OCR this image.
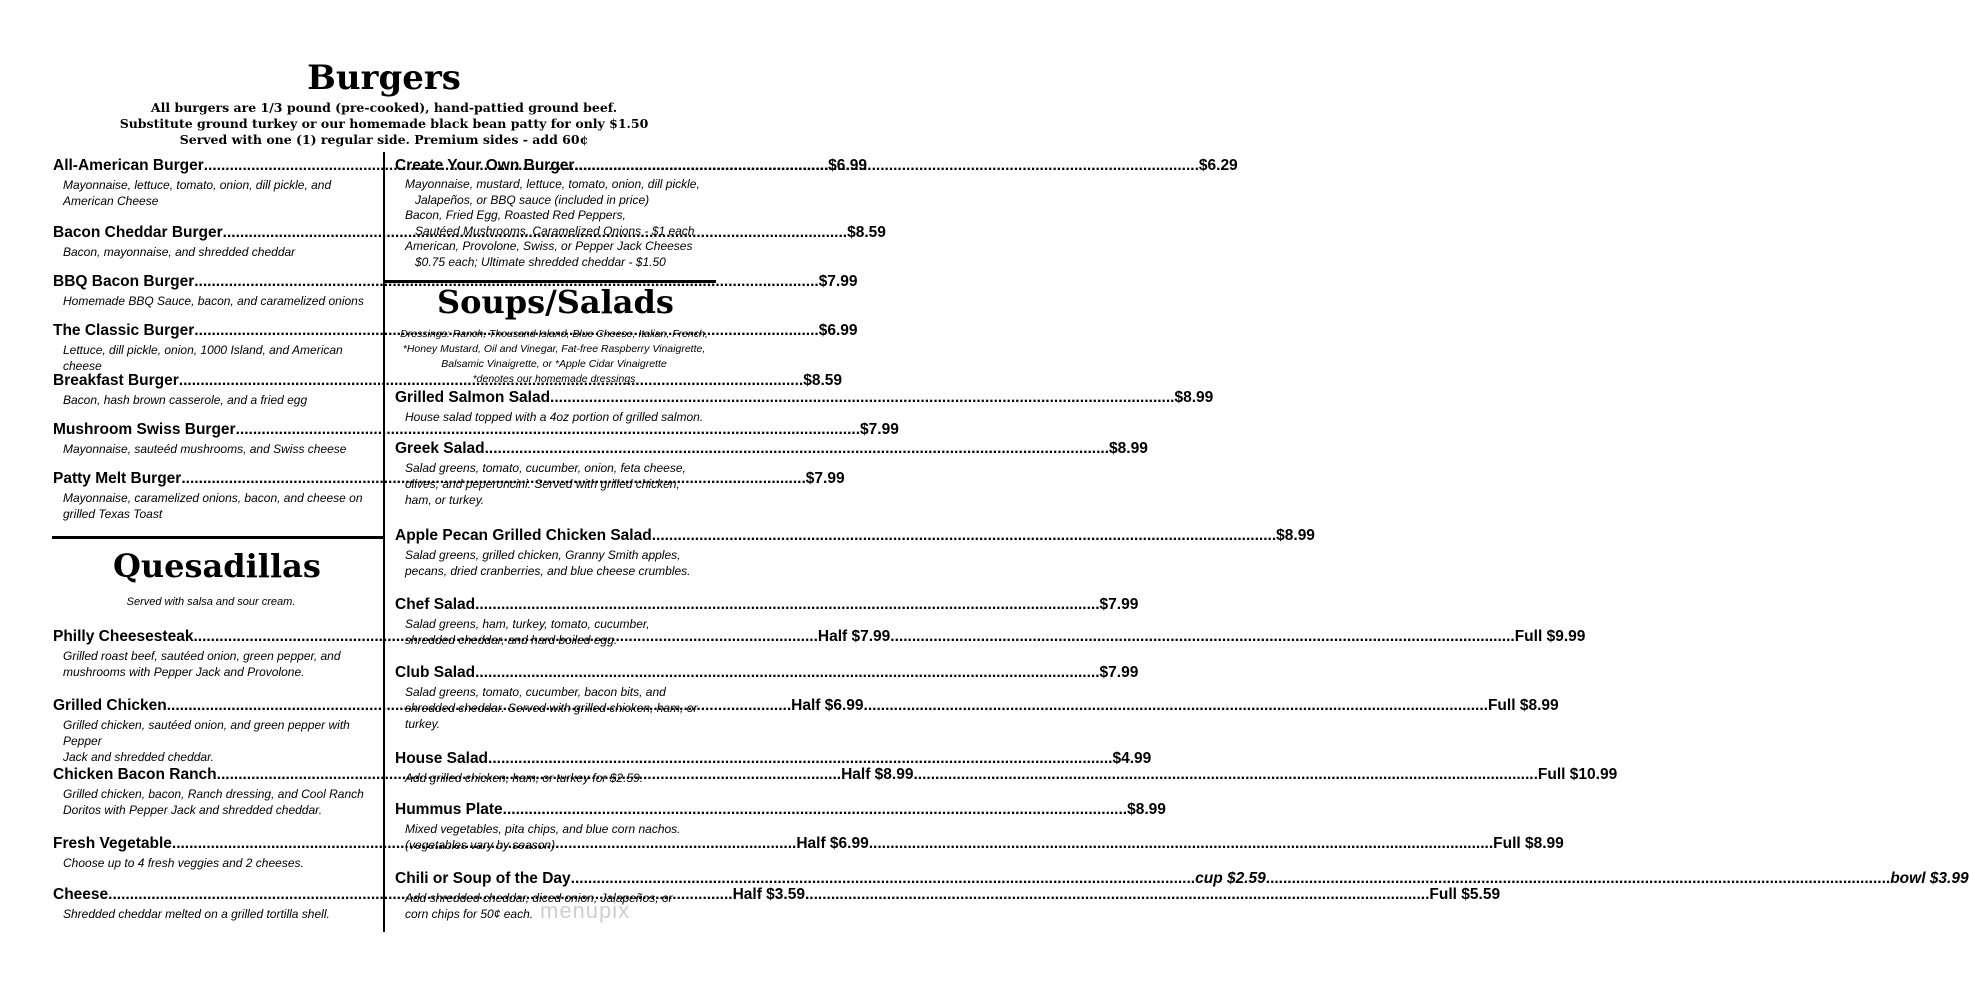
Burgers
All burgers are 1/3 pound (pre-cooked), hand-pattied ground beef.
Substitute ground turkey or our homemade black bean patty for only $1.50
Served with one (1) regular side. Premium sides - add 60¢
All-American Burger .....	$6.99
Mayonnaise, lettuce, tomato, onion, dill pickle, and
American Cheese
Bacon Cheddar Burger .....	$8.59
Bacon, mayonnaise, and shredded cheddar
BBQ Bacon Burger .....	$7.99
Homemade BBQ Sauce, bacon, and caramelized onions
The Classic Burger .....	$6.99
Lettuce, dill pickle, onion, 1000 Island, and American cheese
Breakfast Burger .....	$8.59
Bacon, hash brown casserole, and a fried egg
Mushroom Swiss Burger .....	$7.99
Mayonnaise, sauteéd mushrooms, and Swiss cheese
Patty Melt Burger .....	$7.99
Mayonnaise, caramelized onions, bacon, and cheese on
grilled Texas Toast
Create Your Own Burger .....	$6.29
Mayonnaise, mustard, lettuce, tomato, onion, dill pickle,
Jalapeños, or BBQ sauce (included in price)
Bacon, Fried Egg, Roasted Red Peppers,
Sautéed Mushrooms, Caramelized Onions - $1 each
American, Provolone, Swiss, or Pepper Jack Cheeses
$0.75 each; Ultimate shredded cheddar - $1.50
Quesadillas
Served with salsa and sour cream.
Philly Cheesesteak .....	Half $7.99 .....	Full $9.99
Grilled roast beef, sautéed onion, green pepper, and
mushrooms with Pepper Jack and Provolone.
Grilled Chicken .....	Half $6.99 .....	Full $8.99
Grilled chicken, sautéed onion, and green pepper with Pepper
Jack and shredded cheddar.
Chicken Bacon Ranch .....	Half $8.99 .....	Full $10.99
Grilled chicken, bacon, Ranch dressing, and Cool Ranch
Doritos with Pepper Jack and shredded cheddar.
Fresh Vegetable .....	Half $6.99 .....	Full $8.99
Choose up to 4 fresh veggies and 2 cheeses.
Cheese .....	Half $3.59 .....	Full $5.59
Shredded cheddar melted on a grilled tortilla shell.
Soups/Salads
Dressings: Ranch, Thousand Island, Blue Cheese, Italian, French,
*Honey Mustard, Oil and Vinegar, Fat-free Raspberry Vinaigrette,
Balsamic Vinaigrette, or *Apple Cidar Vinaigrette
*denotes our homemade dressings
Grilled Salmon Salad .....	$8.99
House salad topped with a 4oz portion of grilled salmon.
Greek Salad .....	$8.99
Salad greens, tomato, cucumber, onion, feta cheese,
olives, and peperoncini. Served with grilled chicken,
ham, or turkey.
Apple Pecan Grilled Chicken Salad .....	$8.99
Salad greens, grilled chicken, Granny Smith apples,
pecans, dried cranberries, and blue cheese crumbles.
Chef Salad .....	$7.99
Salad greens, ham, turkey, tomato, cucumber,
shredded cheddar, and hard boiled egg.
Club Salad .....	$7.99
Salad greens, tomato, cucumber, bacon bits, and
shredded cheddar. Served with grilled chicken, ham, or
turkey.
House Salad .....	$4.99
Add grilled chicken, ham, or turkey for $2.59.
Hummus Plate .....	$8.99
Mixed vegetables, pita chips, and blue corn nachos.
(vegetables vary by season)
Chili or Soup of the Day .....	cup $2.59 .....	bowl $3.99
Add shredded cheddar, diced onion, Jalapeños, or
corn chips for 50¢ each. menupix
